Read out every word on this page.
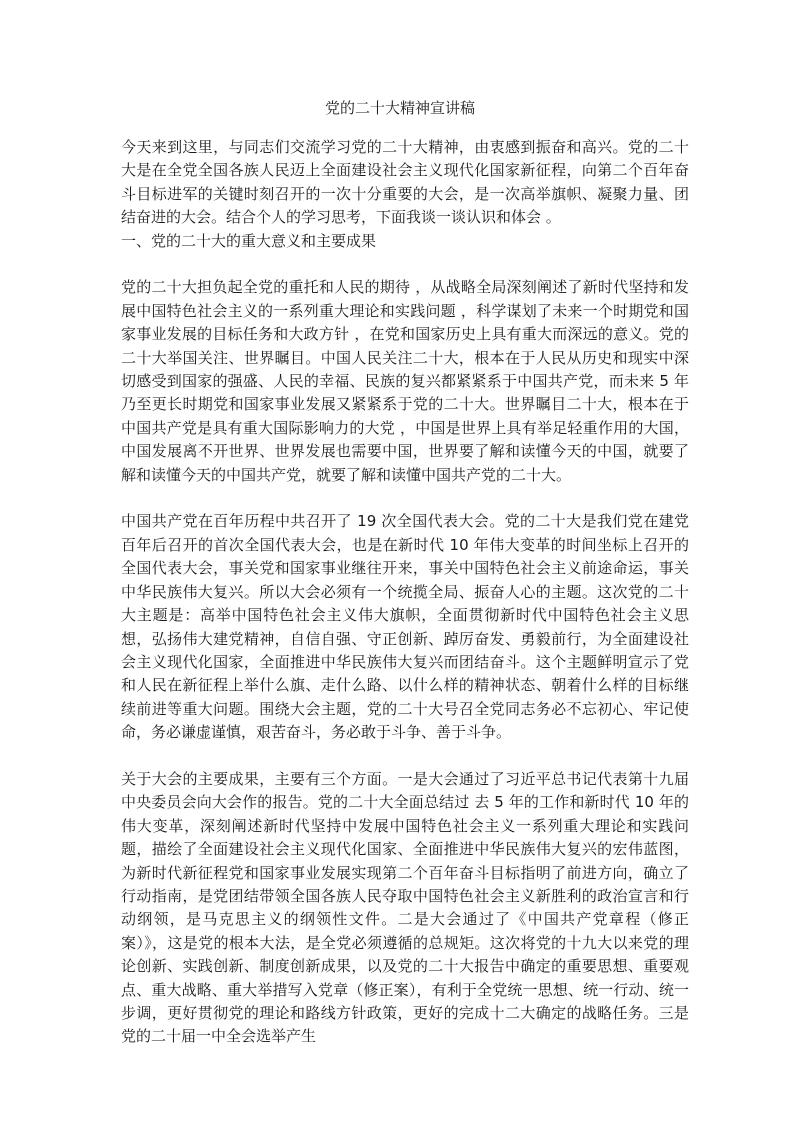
党的二十大精神宣讲稿

今天来到这里，与同志们交流学习党的二十大精神，由衷感到振奋和高兴。党的二十大是在全党全国各族人民迈上全面建设社会主义现代化国家新征程，向第二个百年奋斗目标进军的关键时刻召开的一次十分重要的大会，是一次高举旗帜、凝聚力量、团结奋进的大会。结合个人的学习思考，下面我谈一谈认识和体会 。

一、党的二十大的重大意义和主要成果

党的二十大担负起全党的重托和人民的期待 ，从战略全局深刻阐述了新时代坚持和发展中国特色社会主义的一系列重大理论和实践问题 ，科学谋划了未来一个时期党和国家事业发展的目标任务和大政方针 ，在党和国家历史上具有重大而深远的意义。党的二十大举国关注、世界瞩目。中国人民关注二十大，根本在于人民从历史和现实中深切感受到国家的强盛、人民的幸福、民族的复兴都紧紧系于中国共产党，而未来 5 年乃至更长时期党和国家事业发展又紧紧系于党的二十大。世界瞩目二十大，根本在于中国共产党是具有重大国际影响力的大党 ，中国是世界上具有举足轻重作用的大国，中国发展离不开世界、世界发展也需要中国，世界要了解和读懂今天的中国，就要了解和读懂今天的中国共产党，就要了解和读懂中国共产党的二十大。

中国共产党在百年历程中共召开了 19 次全国代表大会。党的二十大是我们党在建党百年后召开的首次全国代表大会，也是在新时代 10 年伟大变革的时间坐标上召开的全国代表大会，事关党和国家事业继往开来，事关中国特色社会主义前途命运，事关中华民族伟大复兴。所以大会必须有一个统揽全局、振奋人心的主题。这次党的二十大主题是：高举中国特色社会主义伟大旗帜，全面贯彻新时代中国特色社会主义思想，弘扬伟大建党精神，自信自强、守正创新、踔厉奋发、勇毅前行，为全面建设社会主义现代化国家，全面推进中华民族伟大复兴而团结奋斗。这个主题鲜明宣示了党和人民在新征程上举什么旗、走什么路、以什么样的精神状态、朝着什么样的目标继续前进等重大问题。围绕大会主题，党的二十大号召全党同志务必不忘初心、牢记使命，务必谦虚谨慎，艰苦奋斗，务必敢于斗争、善于斗争。

关于大会的主要成果，主要有三个方面。一是大会通过了习近平总书记代表第十九届中央委员会向大会作的报告。党的二十大全面总结过 去 5 年的工作和新时代 10 年的伟大变革，深刻阐述新时代坚持中发展中国特色社会主义一系列重大理论和实践问题，描绘了全面建设社会主义现代化国家、全面推进中华民族伟大复兴的宏伟蓝图，为新时代新征程党和国家事业发展实现第二个百年奋斗目标指明了前进方向，确立了行动指南，是党团结带领全国各族人民夺取中国特色社会主义新胜利的政治宣言和行动纲领，是马克思主义的纲领性文件。二是大会通过了《中国共产党章程（修正案）》，这是党的根本大法，是全党必须遵循的总规矩。这次将党的十九大以来党的理论创新、实践创新、制度创新成果，以及党的二十大报告中确定的重要思想、重要观点、重大战略、重大举措写入党章（修正案），有利于全党统一思想、统一行动、统一步调，更好贯彻党的理论和路线方针政策，更好的完成十二大确定的战略任务。三是党的二十届一中全会选举产生
